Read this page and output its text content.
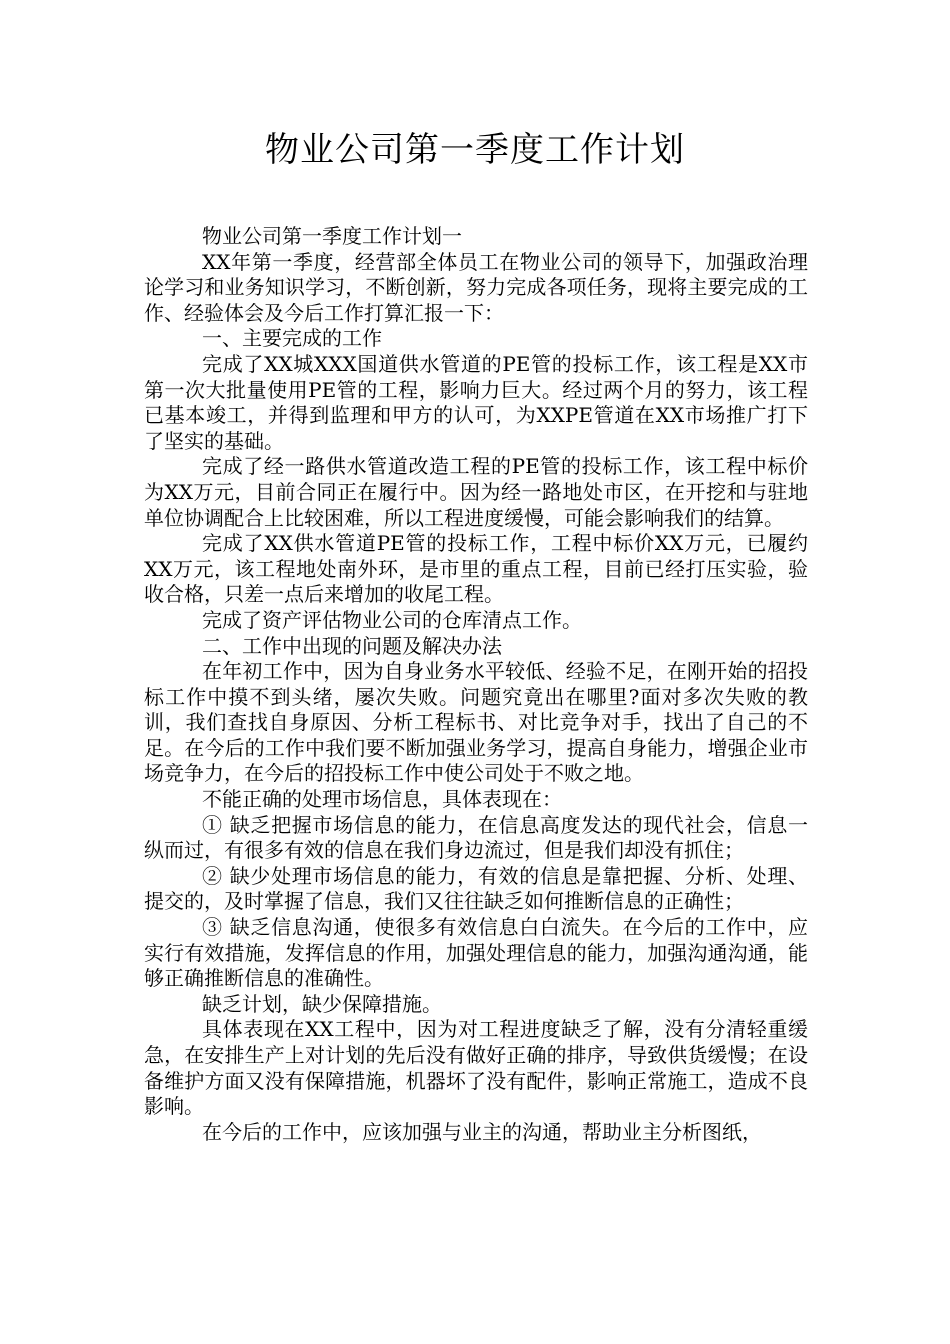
物业公司第一季度工作计划

物业公司第一季度工作计划一

XX年第一季度，经营部全体员工在物业公司的领导下，加强政治理论学习和业务知识学习，不断创新，努力完成各项任务，现将主要完成的工作、经验体会及今后工作打算汇报一下：

一、主要完成的工作

完成了XX城XXX国道供水管道的PE管的投标工作，该工程是XX市第一次大批量使用PE管的工程，影响力巨大。经过两个月的努力，该工程已基本竣工，并得到监理和甲方的认可，为XXPE管道在XX市场推广打下了坚实的基础。

完成了经一路供水管道改造工程的PE管的投标工作，该工程中标价为XX万元，目前合同正在履行中。因为经一路地处市区，在开挖和与驻地单位协调配合上比较困难，所以工程进度缓慢，可能会影响我们的结算。

完成了XX供水管道PE管的投标工作，工程中标价XX万元，已履约XX万元，该工程地处南外环，是市里的重点工程，目前已经打压实验，验收合格，只差一点后来增加的收尾工程。

完成了资产评估物业公司的仓库清点工作。

二、工作中出现的问题及解决办法

在年初工作中，因为自身业务水平较低、经验不足，在刚开始的招投标工作中摸不到头绪，屡次失败。问题究竟出在哪里?面对多次失败的教训，我们查找自身原因、分析工程标书、对比竞争对手，找出了自己的不足。在今后的工作中我们要不断加强业务学习，提高自身能力，增强企业市场竞争力，在今后的招投标工作中使公司处于不败之地。

不能正确的处理市场信息，具体表现在：

① 缺乏把握市场信息的能力，在信息高度发达的现代社会，信息一纵而过，有很多有效的信息在我们身边流过，但是我们却没有抓住；

② 缺少处理市场信息的能力，有效的信息是靠把握、分析、处理、提交的，及时掌握了信息，我们又往往缺乏如何推断信息的正确性；

③ 缺乏信息沟通，使很多有效信息白白流失。在今后的工作中，应实行有效措施，发挥信息的作用，加强处理信息的能力，加强沟通沟通，能够正确推断信息的准确性。

缺乏计划，缺少保障措施。

具体表现在XX工程中，因为对工程进度缺乏了解，没有分清轻重缓急，在安排生产上对计划的先后没有做好正确的排序，导致供货缓慢；在设备维护方面又没有保障措施，机器坏了没有配件，影响正常施工，造成不良影响。

在今后的工作中，应该加强与业主的沟通，帮助业主分析图纸，
